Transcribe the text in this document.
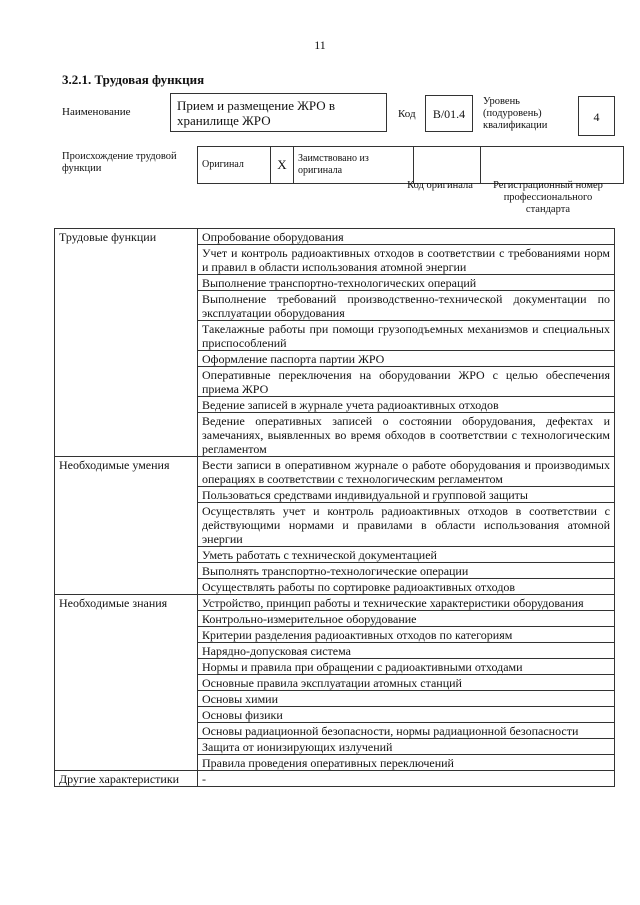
11
3.2.1. Трудовая функция
Наименование	Прием и размещение ЖРО в хранилище ЖРО	Код	В/01.4
Уровень (подуровень) квалификации
4
Происхождение трудовой функции	Оригинал	X	Заимствовано из оригинала		
Код оригинала	Регистрационный номер профессионального стандарта
Трудовые функции	Опробование оборудования
	Учет и контроль радиоактивных отходов в соответствии с требованиями норм и правил в области использования атомной энергии
	Выполнение транспортно-технологических операций
	Выполнение требований производственно-технической документации по эксплуатации оборудования
	Такелажные работы при помощи грузоподъемных механизмов и специальных приспособлений
	Оформление паспорта партии ЖРО
	Оперативные переключения на оборудовании ЖРО с целью обеспечения приема ЖРО
	Ведение записей в журнале учета радиоактивных отходов
	Ведение оперативных записей о состоянии оборудования, дефектах и замечаниях, выявленных во время обходов в соответствии с технологическим регламентом
Необходимые умения	Вести записи в оперативном журнале о работе оборудования и производимых операциях в соответствии с технологическим регламентом
	Пользоваться средствами индивидуальной и групповой защиты
	Осуществлять учет и контроль радиоактивных отходов в соответствии с действующими нормами и правилами в области использования атомной энергии
	Уметь работать с технической документацией
	Выполнять транспортно-технологические операции
	Осуществлять работы по сортировке радиоактивных отходов
Необходимые знания	Устройство, принцип работы и технические характеристики оборудования
	Контрольно-измерительное оборудование
	Критерии разделения радиоактивных отходов по категориям
	Нарядно-допусковая система
	Нормы и правила при обращении с радиоактивными отходами
	Основные правила эксплуатации атомных станций
	Основы химии
	Основы физики
	Основы радиационной безопасности, нормы радиационной безопасности
	Защита от ионизирующих излучений
	Правила проведения оперативных переключений
Другие характеристики	-
